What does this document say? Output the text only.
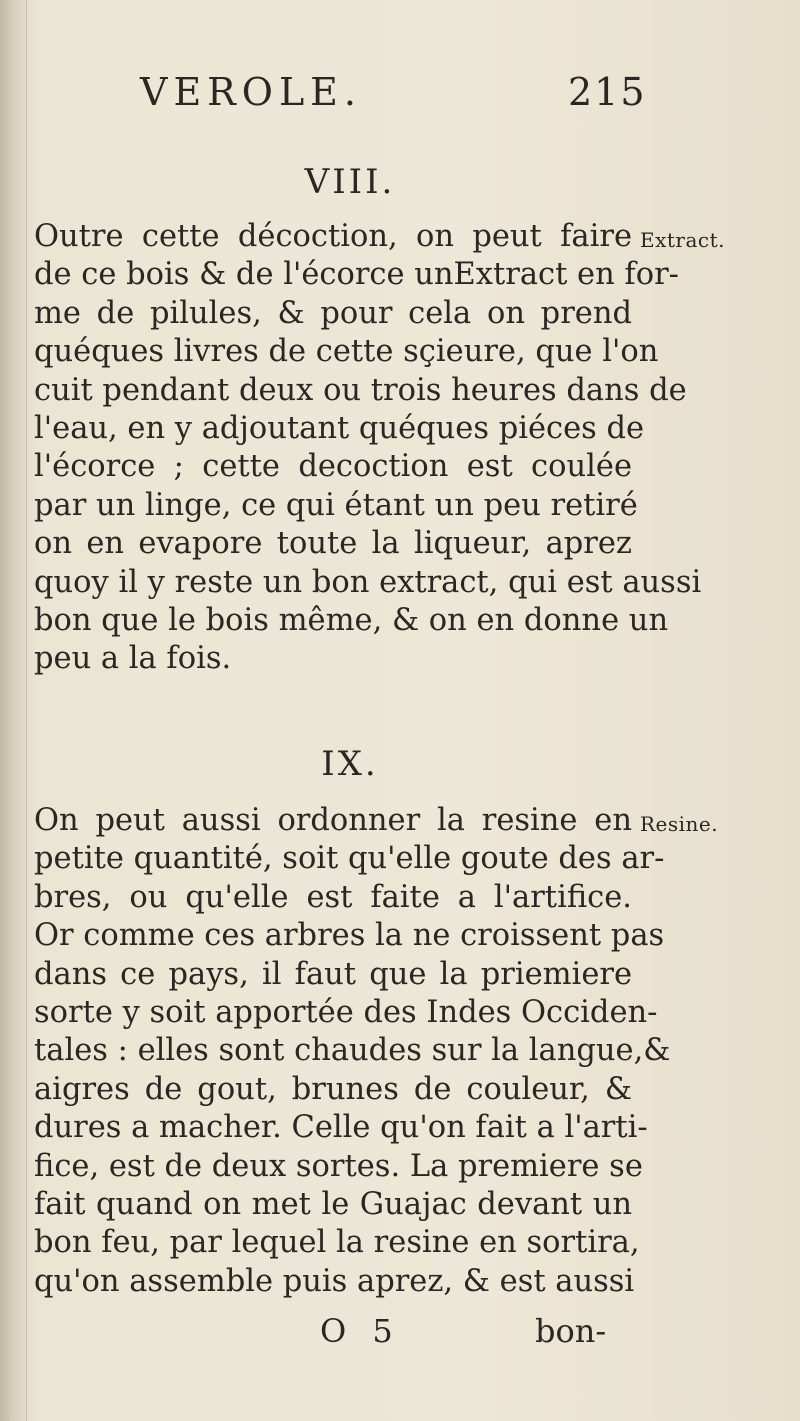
VEROLE.	215
VIII.
Extract.
Outre cette décoction, on peut faire
de ce bois & de l'écorce unExtract en for-
me de pilules, & pour cela on prend
quéques livres de cette sçieure, que l'on
cuit pendant deux ou trois heures dans de
l'eau, en y adjoutant quéques piéces de
l'écorce ; cette decoction est coulée
par un linge, ce qui étant un peu retiré
on en evapore toute la liqueur, aprez
quoy il y reste un bon extract, qui est aussi
bon que le bois même, & on en donne un
peu a la fois.
IX.
Resine.
On peut aussi ordonner la resine en
petite quantité, soit qu'elle goute des ar-
bres, ou qu'elle est faite a l'artifice.
Or comme ces arbres la ne croissent pas
dans ce pays, il faut que la priemiere
sorte y soit apportée des Indes Occiden-
tales : elles sont chaudes sur la langue,&
aigres de gout, brunes de couleur, &
dures a macher. Celle qu'on fait a l'arti-
fice, est de deux sortes. La premiere se
fait quand on met le Guajac devant un
bon feu, par lequel la resine en sortira,
qu'on assemble puis aprez, & est aussi
O 5	bon-
